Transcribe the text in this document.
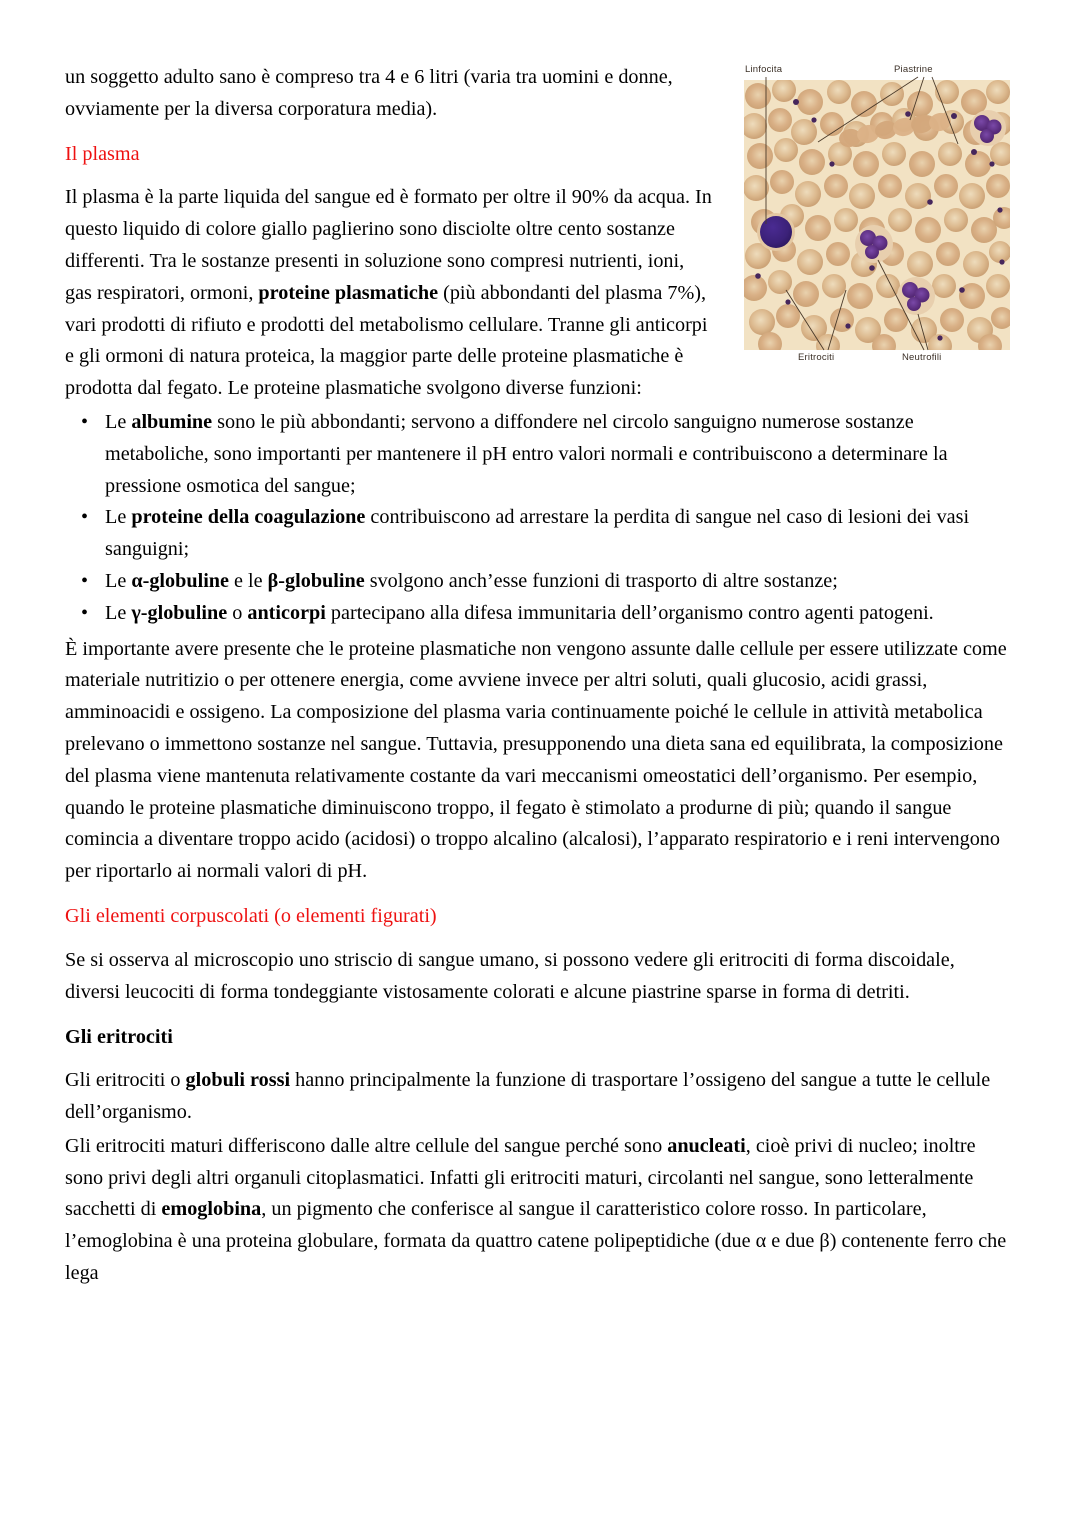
Linfocita	Piastrine
Eritrociti	Neutrofili

un soggetto adulto sano è compreso tra 4 e 6 litri (varia tra uomini e donne, ovviamente per la diversa corporatura media).

Il plasma

Il plasma è la parte liquida del sangue ed è formato per oltre il 90% da acqua. In questo liquido di colore giallo paglierino sono disciolte oltre cento sostanze differenti. Tra le sostanze presenti in soluzione sono compresi nutrienti, ioni, gas respiratori, ormoni, proteine plasmatiche (più abbondanti del plasma 7%), vari prodotti di rifiuto e prodotti del metabolismo cellulare. Tranne gli anticorpi e gli ormoni di natura proteica, la maggior parte delle proteine plasmatiche è prodotta dal fegato. Le proteine plasmatiche svolgono diverse funzioni:

• Le albumine sono le più abbondanti; servono a diffondere nel circolo sanguigno numerose sostanze metaboliche, sono importanti per mantenere il pH entro valori normali e contribuiscono a determinare la pressione osmotica del sangue;
• Le proteine della coagulazione contribuiscono ad arrestare la perdita di sangue nel caso di lesioni dei vasi sanguigni;
• Le α-globuline e le β-globuline svolgono anch’esse funzioni di trasporto di altre sostanze;
• Le γ-globuline o anticorpi partecipano alla difesa immunitaria dell’organismo contro agenti patogeni.

È importante avere presente che le proteine plasmatiche non vengono assunte dalle cellule per essere utilizzate come materiale nutritizio o per ottenere energia, come avviene invece per altri soluti, quali glucosio, acidi grassi, amminoacidi e ossigeno. La composizione del plasma varia continuamente poiché le cellule in attività metabolica prelevano o immettono sostanze nel sangue. Tuttavia, presupponendo una dieta sana ed equilibrata, la composizione del plasma viene mantenuta relativamente costante da vari meccanismi omeostatici dell’organismo. Per esempio, quando le proteine plasmatiche diminuiscono troppo, il fegato è stimolato a produrne di più; quando il sangue comincia a diventare troppo acido (acidosi) o troppo alcalino (alcalosi), l’apparato respiratorio e i reni intervengono per riportarlo ai normali valori di pH.

Gli elementi corpuscolati (o elementi figurati)

Se si osserva al microscopio uno striscio di sangue umano, si possono vedere gli eritrociti di forma discoidale, diversi leucociti di forma tondeggiante vistosamente colorati e alcune piastrine sparse in forma di detriti.

Gli eritrociti

Gli eritrociti o globuli rossi hanno principalmente la funzione di trasportare l’ossigeno del sangue a tutte le cellule dell’organismo.

Gli eritrociti maturi differiscono dalle altre cellule del sangue perché sono anucleati, cioè privi di nucleo; inoltre sono privi degli altri organuli citoplasmatici. Infatti gli eritrociti maturi, circolanti nel sangue, sono letteralmente sacchetti di emoglobina, un pigmento che conferisce al sangue il caratteristico colore rosso. In particolare, l’emoglobina è una proteina globulare, formata da quattro catene polipeptidiche (due α e due β) contenente ferro che lega
